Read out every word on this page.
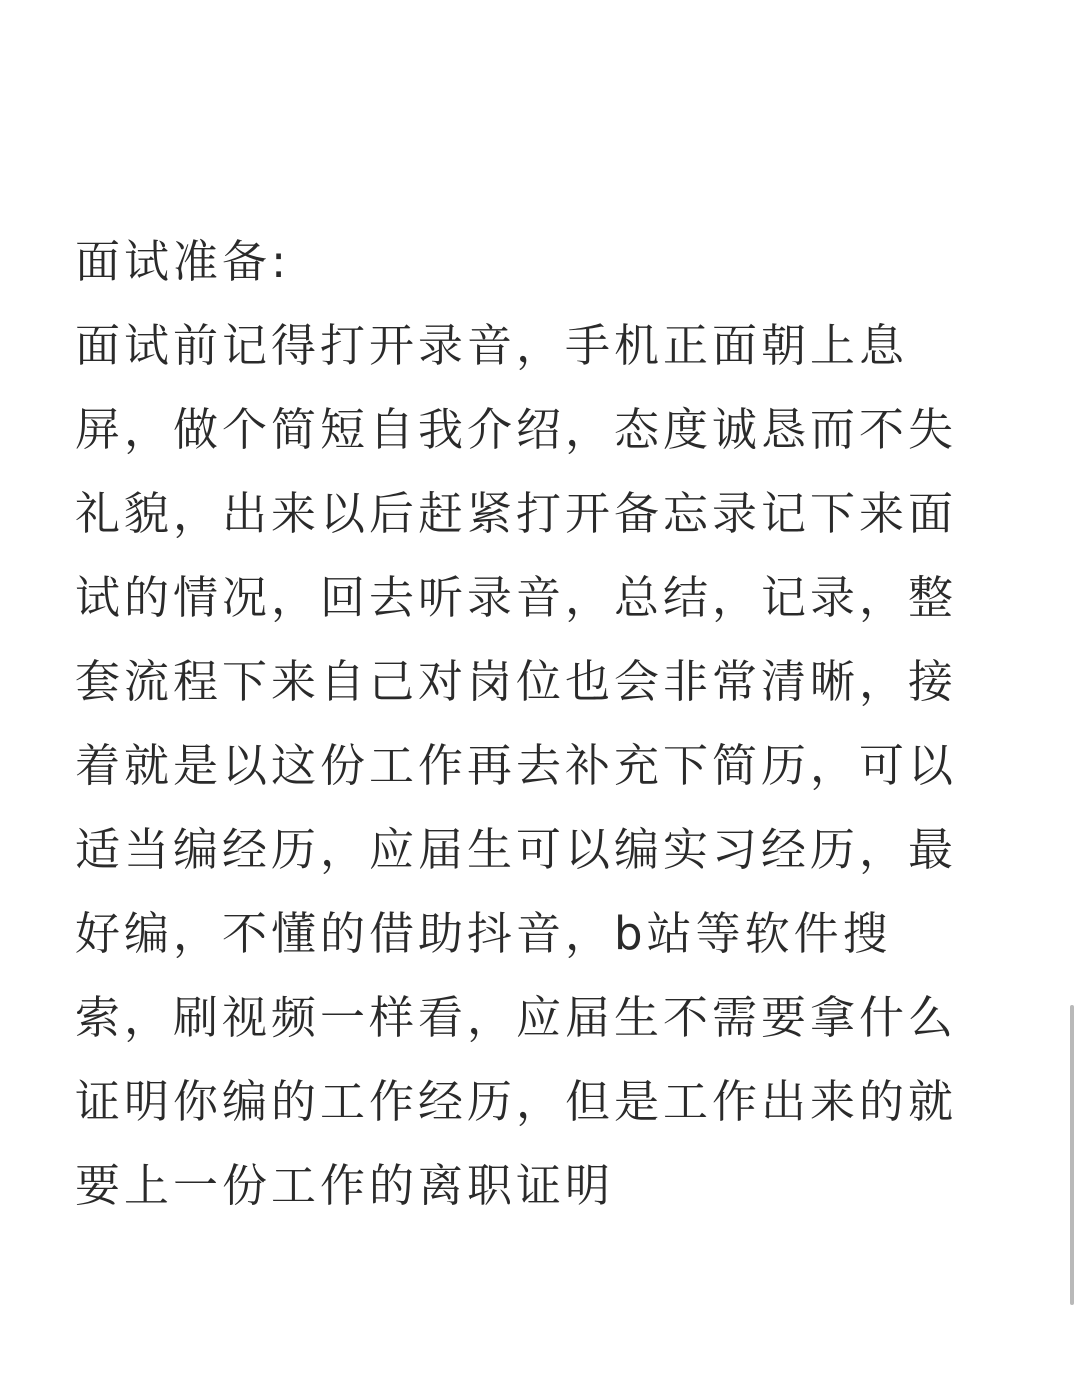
面试准备:
面试前记得打开录音，手机正面朝上息
屏，做个简短自我介绍，态度诚恳而不失
礼貌，出来以后赶紧打开备忘录记下来面
试的情况，回去听录音，总结，记录，整
套流程下来自己对岗位也会非常清晰，接
着就是以这份工作再去补充下简历，可以
适当编经历，应届生可以编实习经历，最
好编，不懂的借助抖音，b站等软件搜
索，刷视频一样看，应届生不需要拿什么
证明你编的工作经历，但是工作出来的就
要上一份工作的离职证明
